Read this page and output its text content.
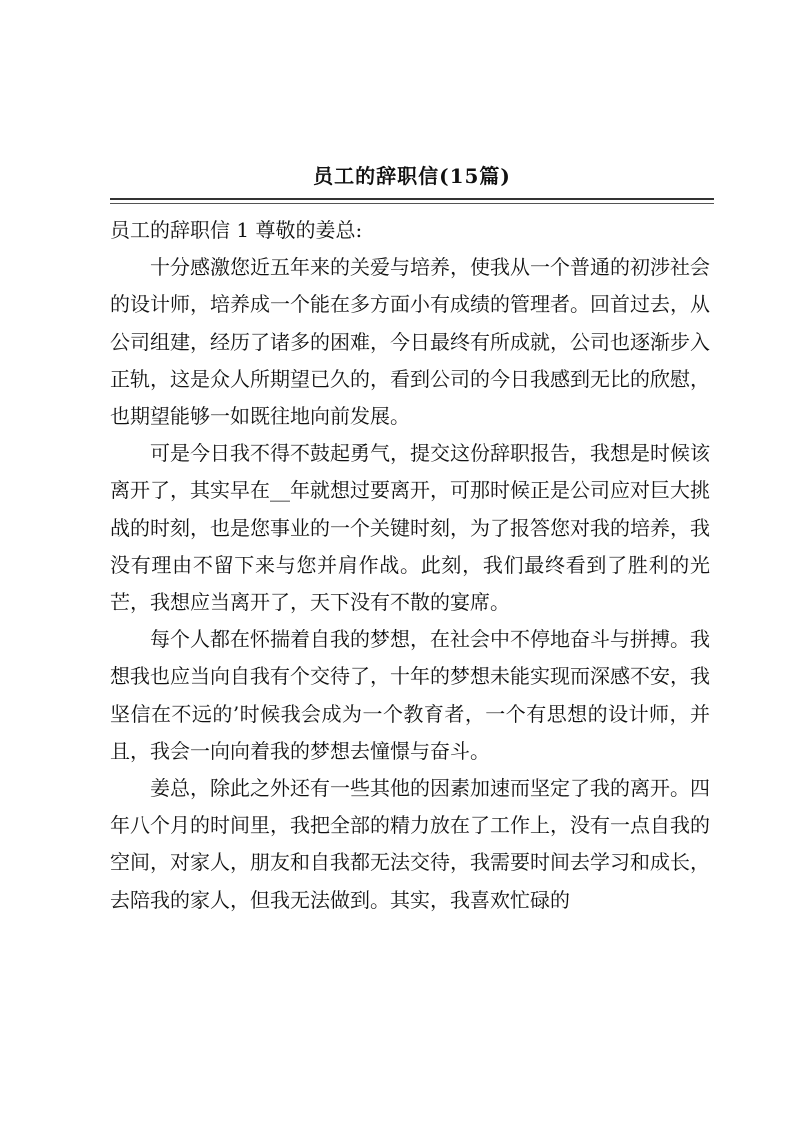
员工的辞职信(15篇)

员工的辞职信 1 尊敬的姜总:

十分感激您近五年来的关爱与培养，使我从一个普通的初涉社会的设计师，培养成一个能在多方面小有成绩的管理者。回首过去，从公司组建，经历了诸多的困难，今日最终有所成就，公司也逐渐步入正轨，这是众人所期望已久的，看到公司的今日我感到无比的欣慰，也期望能够一如既往地向前发展。

可是今日我不得不鼓起勇气，提交这份辞职报告，我想是时候该离开了，其实早在__年就想过要离开，可那时候正是公司应对巨大挑战的时刻，也是您事业的一个关键时刻，为了报答您对我的培养，我没有理由不留下来与您并肩作战。此刻，我们最终看到了胜利的光芒，我想应当离开了，天下没有不散的宴席。

每个人都在怀揣着自我的梦想，在社会中不停地奋斗与拼搏。我想我也应当向自我有个交待了，十年的梦想未能实现而深感不安，我坚信在不远的’时候我会成为一个教育者，一个有思想的设计师，并且，我会一向向着我的梦想去憧憬与奋斗。

姜总，除此之外还有一些其他的因素加速而坚定了我的离开。四年八个月的时间里，我把全部的精力放在了工作上，没有一点自我的空间，对家人，朋友和自我都无法交待，我需要时间去学习和成长，去陪我的家人，但我无法做到。其实，我喜欢忙碌的
